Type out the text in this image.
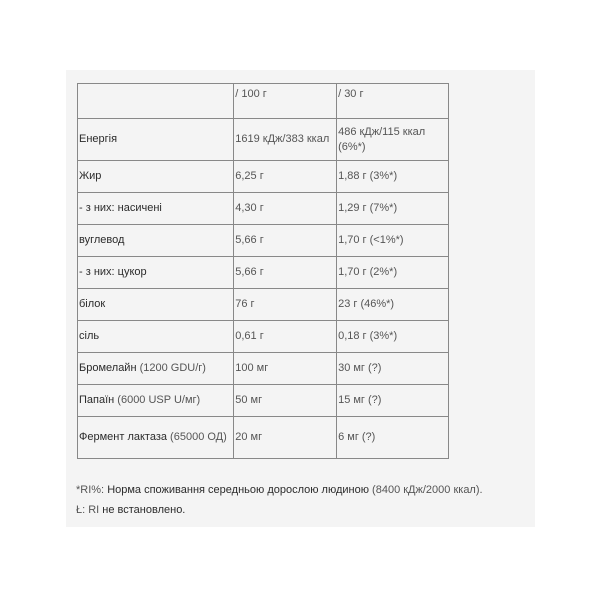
	/ 100 г	/ 30 г
Енергія	1619 кДж/383 ккал	486 кДж/115 ккал (6%*)
Жир	6,25 г	1,88 г (3%*)
- з них: насичені	4,30 г	1,29 г (7%*)
вуглевод	5,66 г	1,70 г (<1%*)
- з них: цукор	5,66 г	1,70 г (2%*)
білок	76 г	23 г (46%*)
сіль	0,61 г	0,18 г (3%*)
Бромелайн (1200 GDU/г)	100 мг	30 мг (?)
Папаїн (6000 USP U/мг)	50 мг	15 мг (?)
Фермент лактаза (65000 ОД)	20 мг	6 мг (?)
*RI%: Норма споживання середньою дорослою людиною (8400 кДж/2000 ккал).
Ł: RI не встановлено.
